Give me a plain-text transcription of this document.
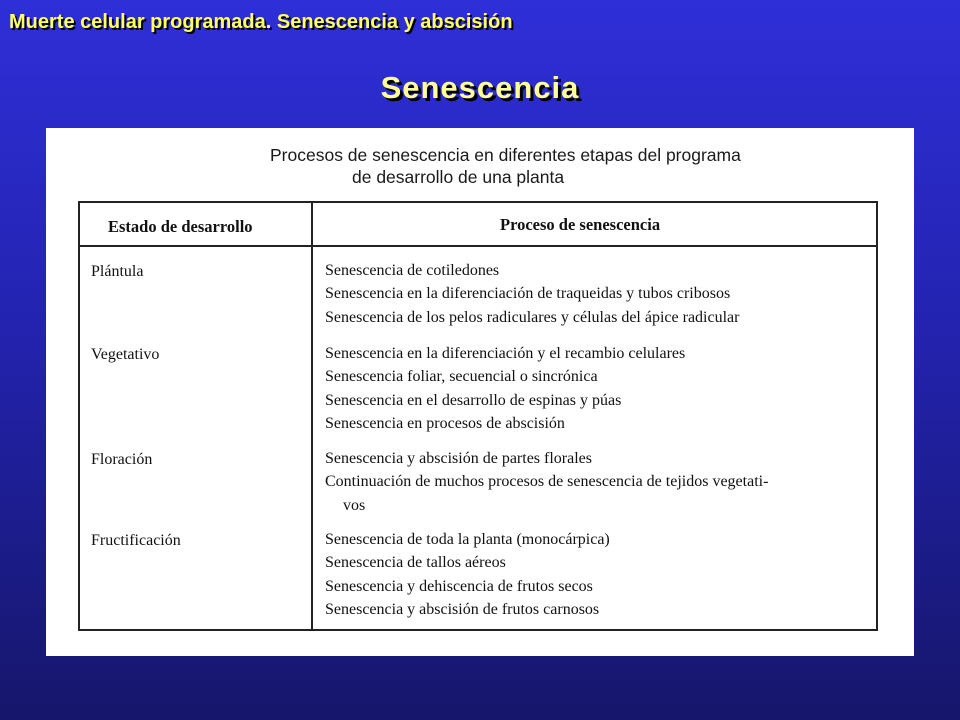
Muerte celular programada. Senescencia y abscisión
Senescencia
Procesos de senescencia en diferentes etapas del programa
de desarrollo de una planta
Estado de desarrollo	Proceso de senescencia
Plántula	Senescencia de cotiledones
Senescencia en la diferenciación de traqueidas y tubos cribosos
Senescencia de los pelos radiculares y células del ápice radicular
Vegetativo	Senescencia en la diferenciación y el recambio celulares
Senescencia foliar, secuencial o sincrónica
Senescencia en el desarrollo de espinas y púas
Senescencia en procesos de abscisión
Floración	Senescencia y abscisión de partes florales
Continuación de muchos procesos de senescencia de tejidos vegetati-
vos
Fructificación	Senescencia de toda la planta (monocárpica)
Senescencia de tallos aéreos
Senescencia y dehiscencia de frutos secos
Senescencia y abscisión de frutos carnosos
